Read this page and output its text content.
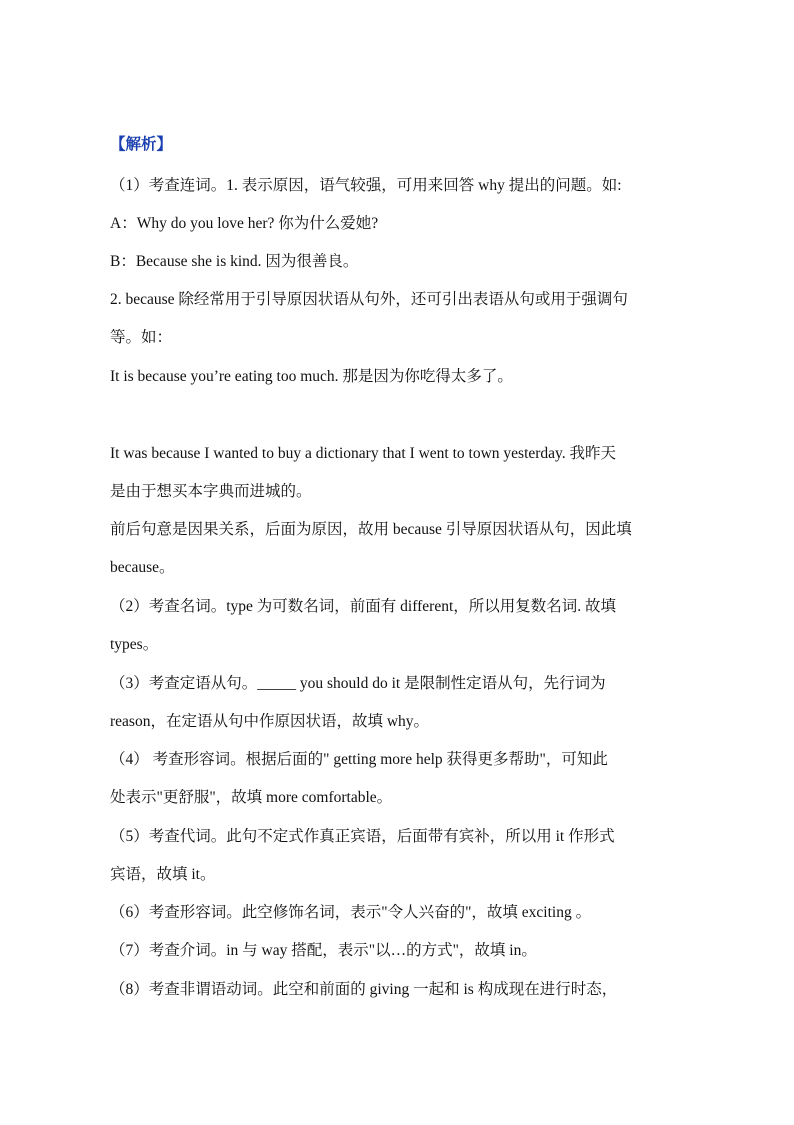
【解析】
（1）考查连词。1. 表示原因，语气较强，可用来回答 why 提出的问题。如:
A：Why do you love her? 你为什么爱她?
B：Because she is kind. 因为很善良。
2. because 除经常用于引导原因状语从句外，还可引出表语从句或用于强调句
等。如：
It is because you’re eating too much. 那是因为你吃得太多了。
It was because I wanted to buy a dictionary that I went to town yesterday. 我昨天
是由于想买本字典而进城的。
前后句意是因果关系，后面为原因，故用 because 引导原因状语从句，因此填
because。
（2）考查名词。type 为可数名词，前面有 different，所以用复数名词. 故填
types。
（3）考查定语从句。_____ you should do it 是限制性定语从句，先行词为
reason，在定语从句中作原因状语，故填 why。
（4） 考查形容词。根据后面的" getting more help 获得更多帮助"，可知此
处表示"更舒服"，故填 more comfortable。
（5）考查代词。此句不定式作真正宾语，后面带有宾补，所以用 it 作形式
宾语，故填 it。
（6）考查形容词。此空修饰名词，表示"令人兴奋的"，故填 exciting 。
（7）考查介词。in 与 way 搭配，表示"以…的方式"，故填 in。
（8）考查非谓语动词。此空和前面的 giving 一起和 is 构成现在进行时态，
